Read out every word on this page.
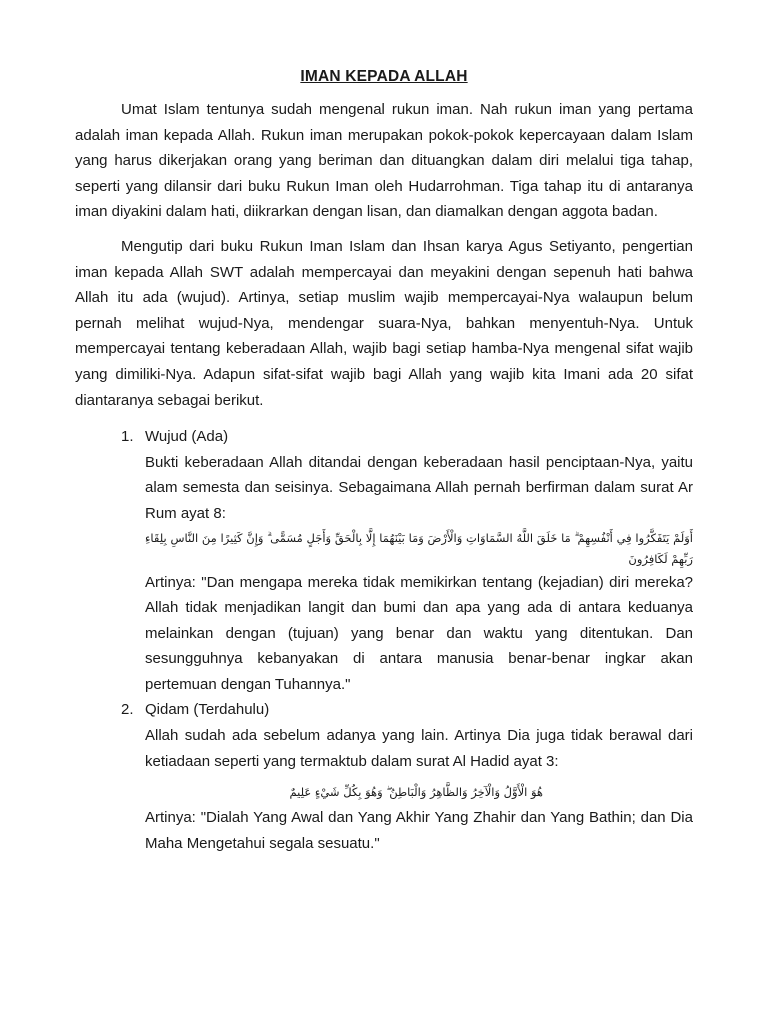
IMAN KEPADA ALLAH

Umat Islam tentunya sudah mengenal rukun iman. Nah rukun iman yang pertama adalah iman kepada Allah. Rukun iman merupakan pokok-pokok kepercayaan dalam Islam yang harus dikerjakan orang yang beriman dan dituangkan dalam diri melalui tiga tahap, seperti yang dilansir dari buku Rukun Iman oleh Hudarrohman. Tiga tahap itu di antaranya iman diyakini dalam hati, diikrarkan dengan lisan, dan diamalkan dengan aggota badan.

Mengutip dari buku Rukun Iman Islam dan Ihsan karya Agus Setiyanto, pengertian iman kepada Allah SWT adalah mempercayai dan meyakini dengan sepenuh hati bahwa Allah itu ada (wujud). Artinya, setiap muslim wajib mempercayai-Nya walaupun belum pernah melihat wujud-Nya, mendengar suara-Nya, bahkan menyentuh-Nya. Untuk mempercayai tentang keberadaan Allah, wajib bagi setiap hamba-Nya mengenal sifat wajib yang dimiliki-Nya. Adapun sifat-sifat wajib bagi Allah yang wajib kita Imani ada 20 sifat diantaranya sebagai berikut.

1. Wujud (Ada)
Bukti keberadaan Allah ditandai dengan keberadaan hasil penciptaan-Nya, yaitu alam semesta dan seisinya. Sebagaimana Allah pernah berfirman dalam surat Ar Rum ayat 8:
أَوَلَمْ يَتَفَكَّرُوا فِي أَنْفُسِهِمْ ۗ مَا خَلَقَ اللَّهُ السَّمَاوَاتِ وَالْأَرْضَ وَمَا بَيْنَهُمَا إِلَّا بِالْحَقِّ وَأَجَلٍ مُسَمًّى ۗ وَإِنَّ كَثِيرًا مِنَ النَّاسِ بِلِقَاءِ رَبِّهِمْ لَكَافِرُونَ
Artinya: "Dan mengapa mereka tidak memikirkan tentang (kejadian) diri mereka? Allah tidak menjadikan langit dan bumi dan apa yang ada di antara keduanya melainkan dengan (tujuan) yang benar dan waktu yang ditentukan. Dan sesungguhnya kebanyakan di antara manusia benar-benar ingkar akan pertemuan dengan Tuhannya."
2. Qidam (Terdahulu)
Allah sudah ada sebelum adanya yang lain. Artinya Dia juga tidak berawal dari ketiadaan seperti yang termaktub dalam surat Al Hadid ayat 3:
هُوَ الْأَوَّلُ وَالْآخِرُ وَالظَّاهِرُ وَالْبَاطِنُ ۖ وَهُوَ بِكُلِّ شَيْءٍ عَلِيمٌ
Artinya: "Dialah Yang Awal dan Yang Akhir Yang Zhahir dan Yang Bathin; dan Dia Maha Mengetahui segala sesuatu."
